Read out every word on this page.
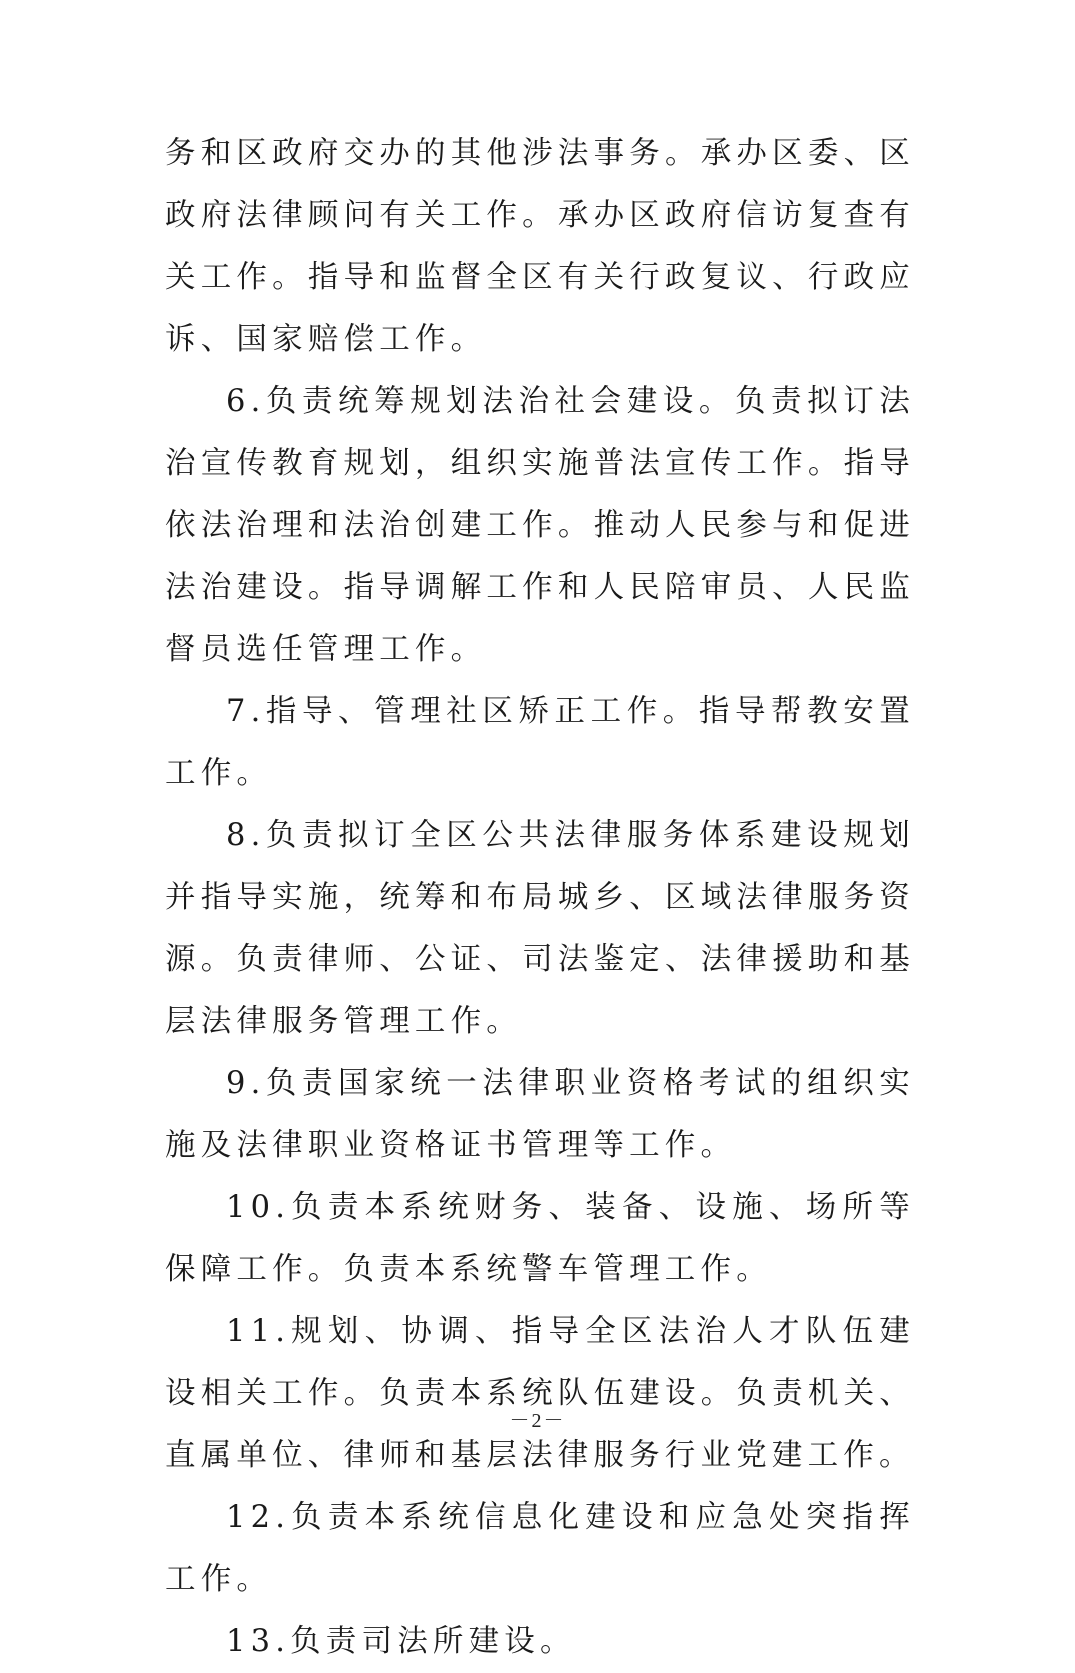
务和区政府交办的其他涉法事务。承办区委、区政府法律顾问有关工作。承办区政府信访复查有关工作。指导和监督全区有关行政复议、行政应诉、国家赔偿工作。

6.负责统筹规划法治社会建设。负责拟订法治宣传教育规划，组织实施普法宣传工作。指导依法治理和法治创建工作。推动人民参与和促进法治建设。指导调解工作和人民陪审员、人民监督员选任管理工作。

7.指导、管理社区矫正工作。指导帮教安置工作。

8.负责拟订全区公共法律服务体系建设规划并指导实施，统筹和布局城乡、区域法律服务资源。负责律师、公证、司法鉴定、法律援助和基层法律服务管理工作。

9.负责国家统一法律职业资格考试的组织实施及法律职业资格证书管理等工作。

10.负责本系统财务、装备、设施、场所等保障工作。负责本系统警车管理工作。

11.规划、协调、指导全区法治人才队伍建设相关工作。负责本系统队伍建设。负责机关、直属单位、律师和基层法律服务行业党建工作。

12.负责本系统信息化建设和应急处突指挥工作。

13.负责司法所建设。

－2－
